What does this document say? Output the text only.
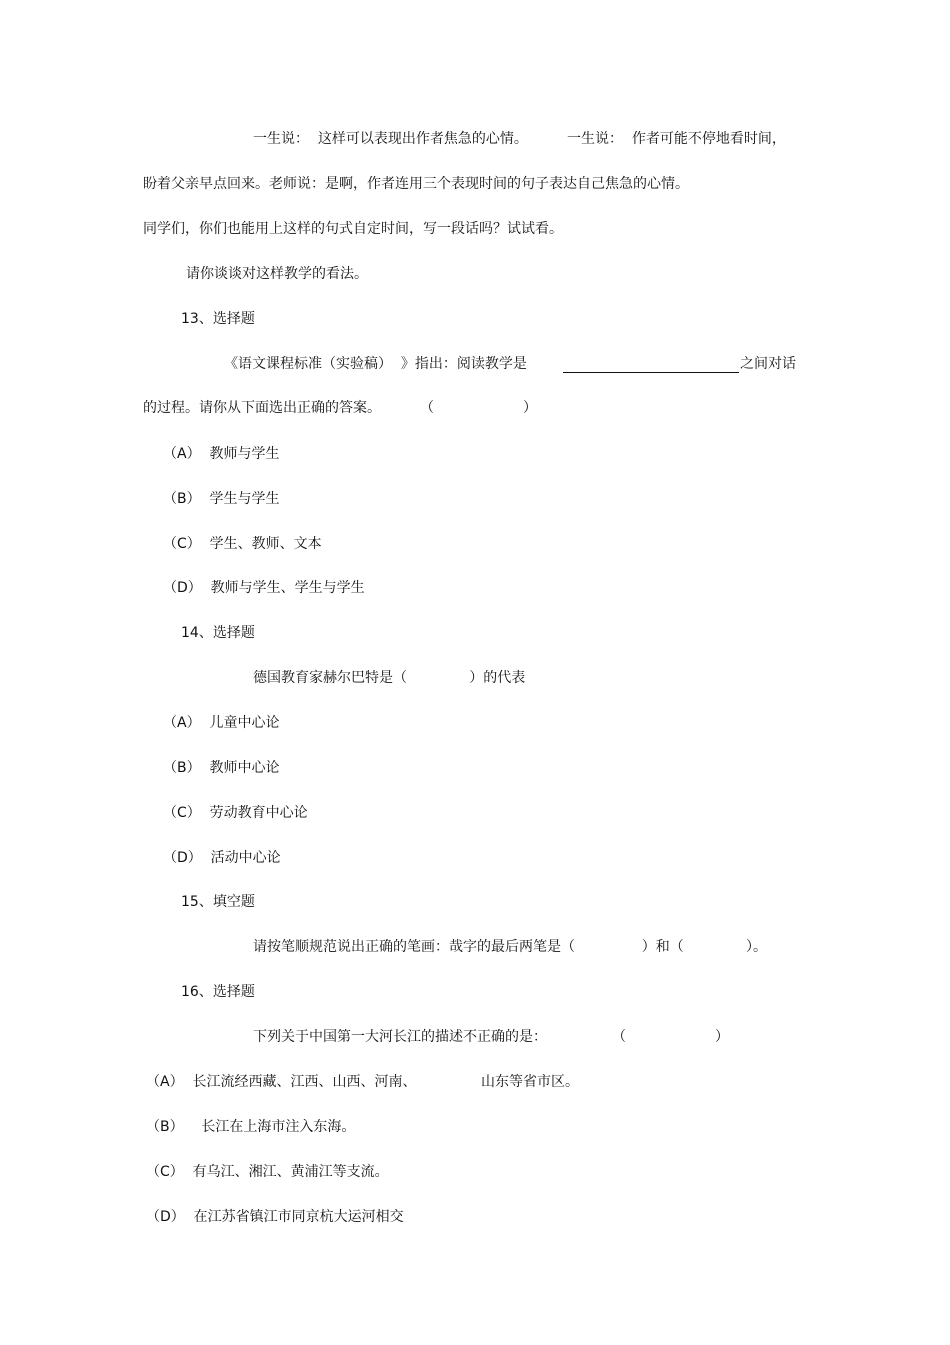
一生说：  这样可以表现出作者焦急的心情。	一生说：  作者可能不停地看时间，
盼着父亲早点回来。老师说：是啊，作者连用三个表现时间的句子表达自己焦急的心情。
同学们，你们也能用上这样的句式自定时间，写一段话吗？试试看。
请你谈谈对这样教学的看法。
13、选择题
《语文课程标准（实验稿）  》指出：阅读教学是	之间对话
的过程。请你从下面选出正确的答案。	（                    ）
（A）  教师与学生
（B）  学生与学生
（C）  学生、教师、文本
（D）  教师与学生、学生与学生
14、选择题
德国教育家赫尔巴特是（              ）的代表
（A）  儿童中心论
（B）  教师中心论
（C）  劳动教育中心论
（D）  活动中心论
15、填空题
请按笔顺规范说出正确的笔画：哉字的最后两笔是（               ）和（              ）。
16、选择题
下列关于中国第一大河长江的描述不正确的是：	（                    ）
（A）  长江流经西藏、江西、山西、河南、	山东等省市区。
（B）    长江在上海市注入东海。
（C）  有乌江、湘江、黄浦江等支流。
（D）  在江苏省镇江市同京杭大运河相交
